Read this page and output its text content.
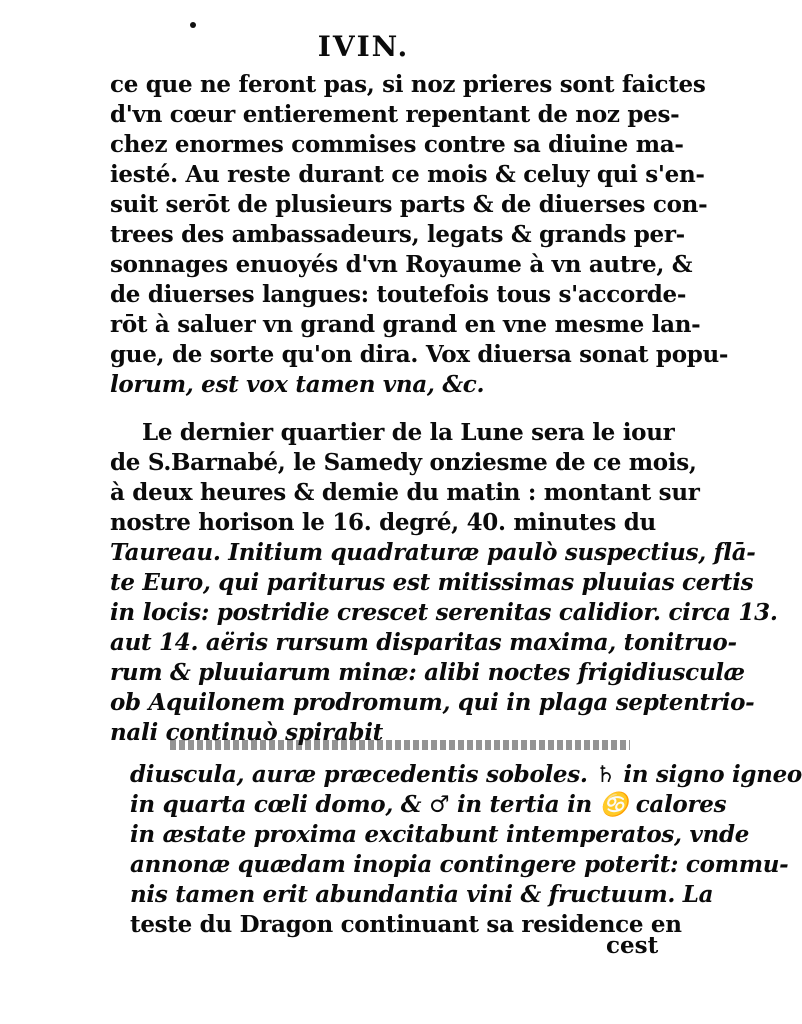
IVIN.
ce que ne feront pas, si noz prieres sont faictes
d'vn cœur entierement repentant de noz pes-
chez enormes commises contre sa diuine ma-
iesté. Au reste durant ce mois & celuy qui s'en-
suit serōt de plusieurs parts & de diuerses con-
trees des ambassadeurs, legats & grands per-
sonnages enuoyés d'vn Royaume à vn autre, &
de diuerses langues: toutefois tous s'accorde-
rōt à saluer vn grand grand en vne mesme lan-
gue, de sorte qu'on dira. Vox diuersa sonat popu-
lorum, est vox tamen vna, &c.
Le dernier quartier de la Lune sera le iour
de S.Barnabé, le Samedy onziesme de ce mois,
à deux heures & demie du matin : montant sur
nostre horison le 16. degré, 40. minutes du
Taureau. Initium quadraturæ paulò suspectius, flā-
te Euro, qui pariturus est mitissimas pluuias certis
in locis: postridie crescet serenitas calidior. circa 13.
aut 14. aëris rursum disparitas maxima, tonitruo-
rum & pluuiarum minæ: alibi noctes frigidiusculæ
ob Aquilonem prodromum, qui in plaga septentrio-
nali continuò spirabit
diuscula, auræ præcedentis soboles. ♄ in signo igneo
in quarta cœli domo, & ♂ in tertia in ♋ calores
in æstate proxima excitabunt intemperatos, vnde
annonæ quædam inopia contingere poterit: commu-
nis tamen erit abundantia vini & fructuum. La
teste du Dragon continuant sa residence en
cest
